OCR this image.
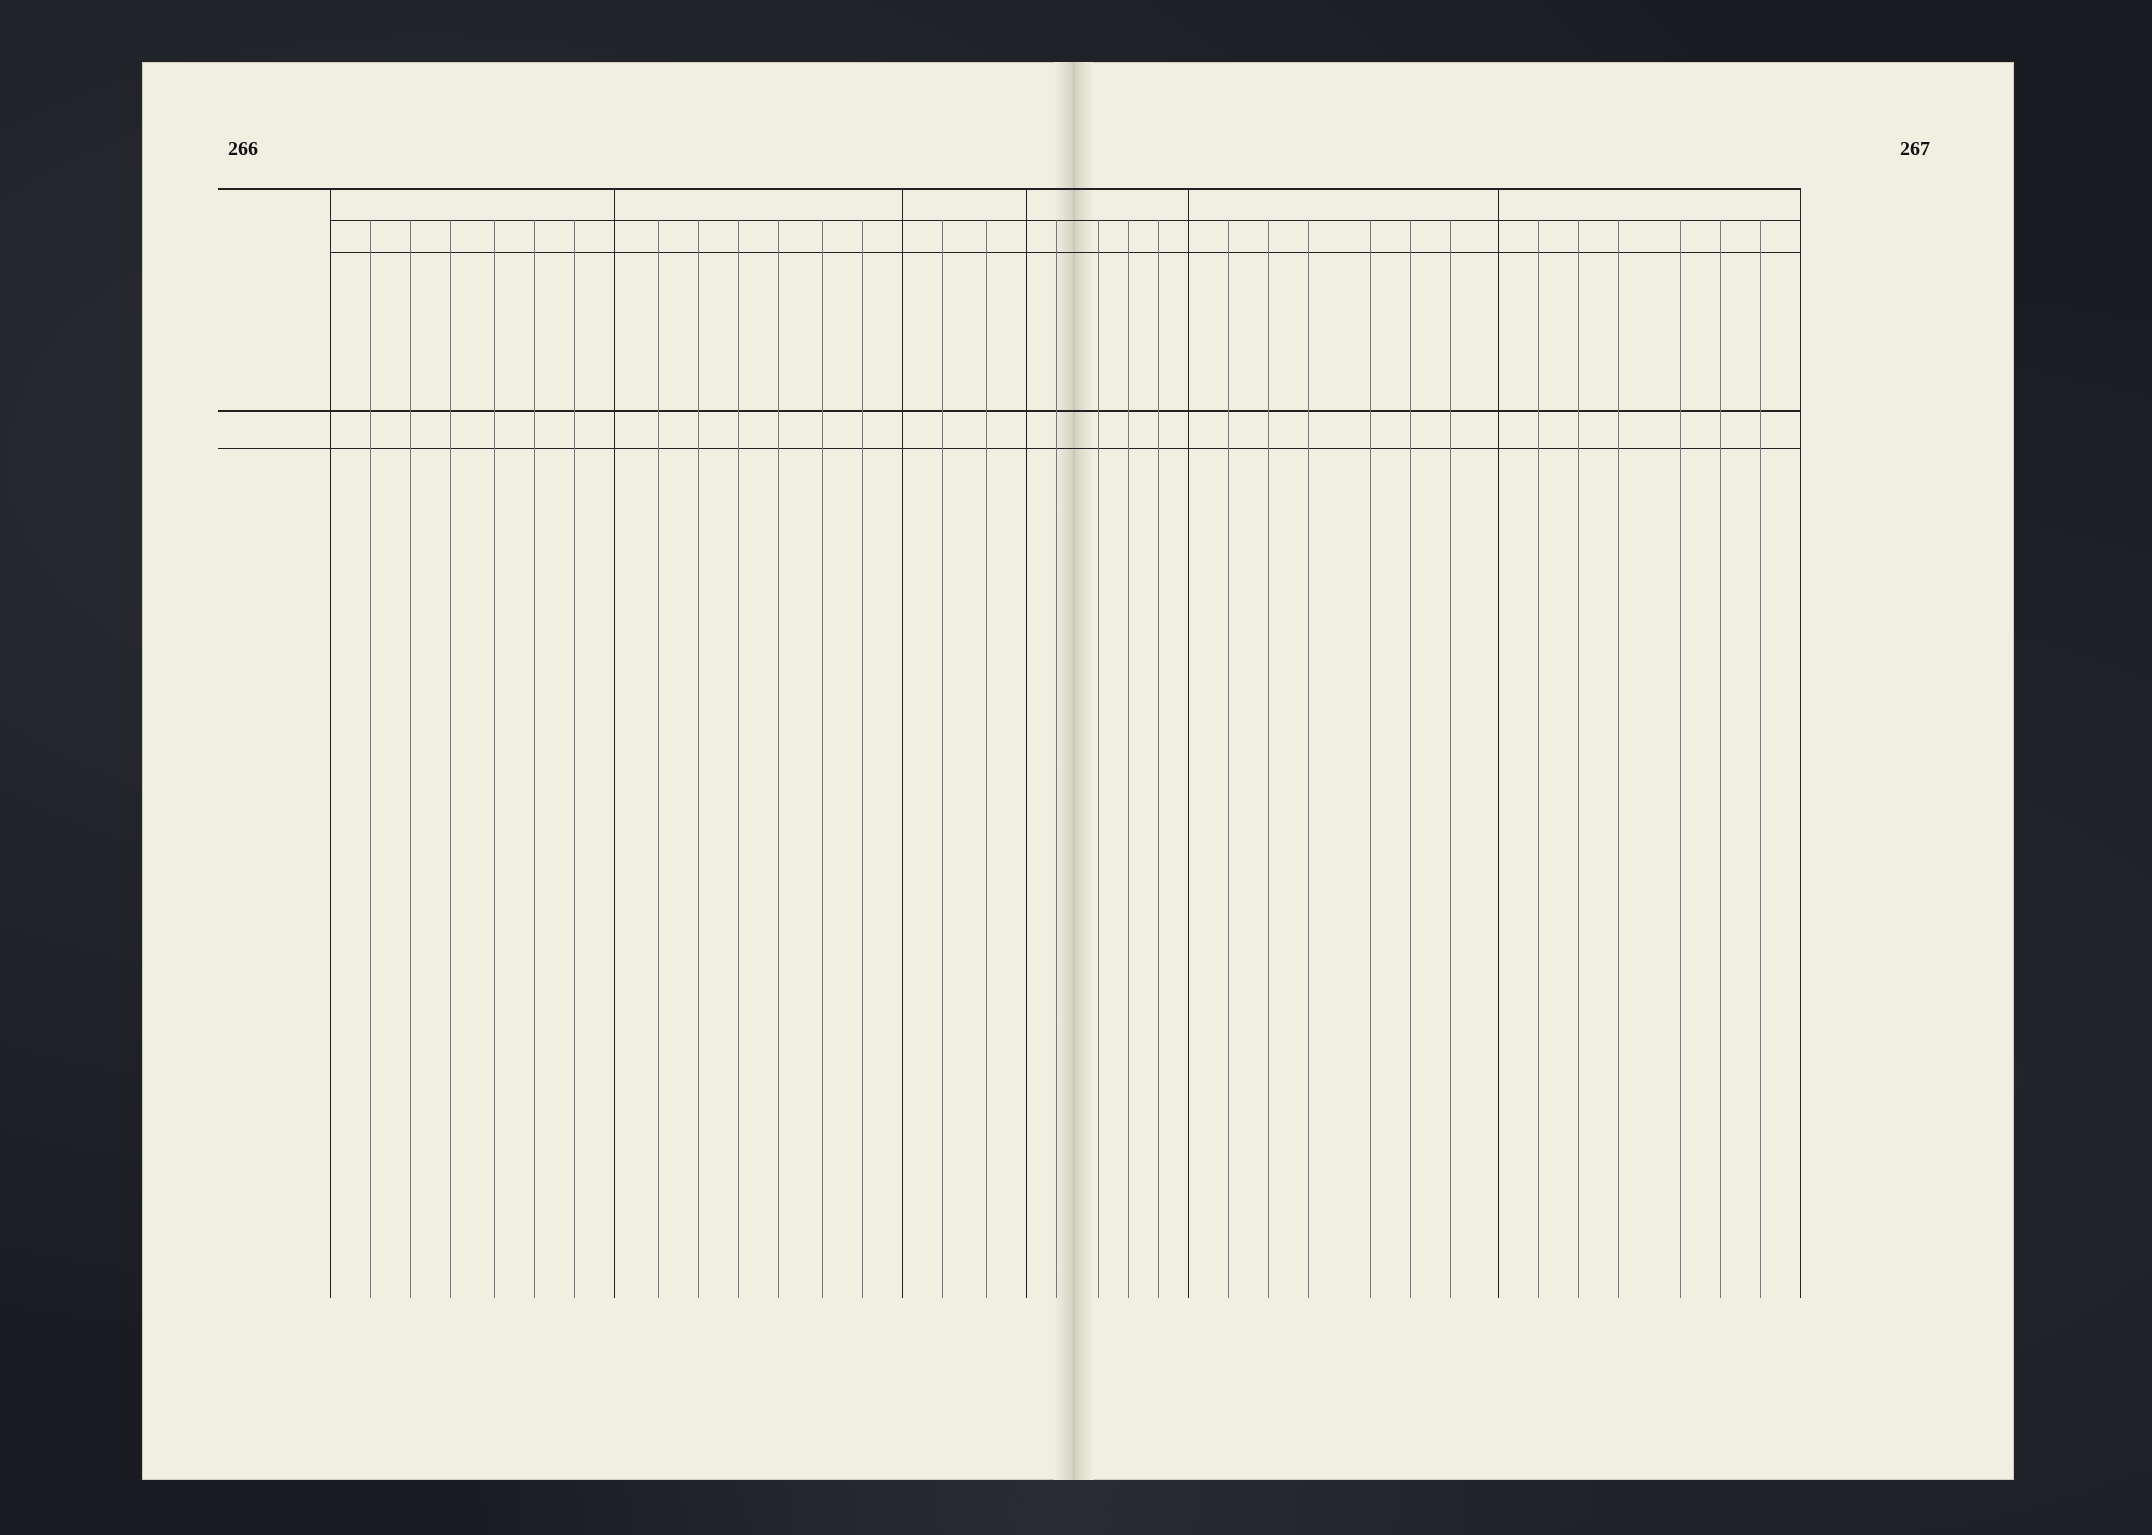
266	267
